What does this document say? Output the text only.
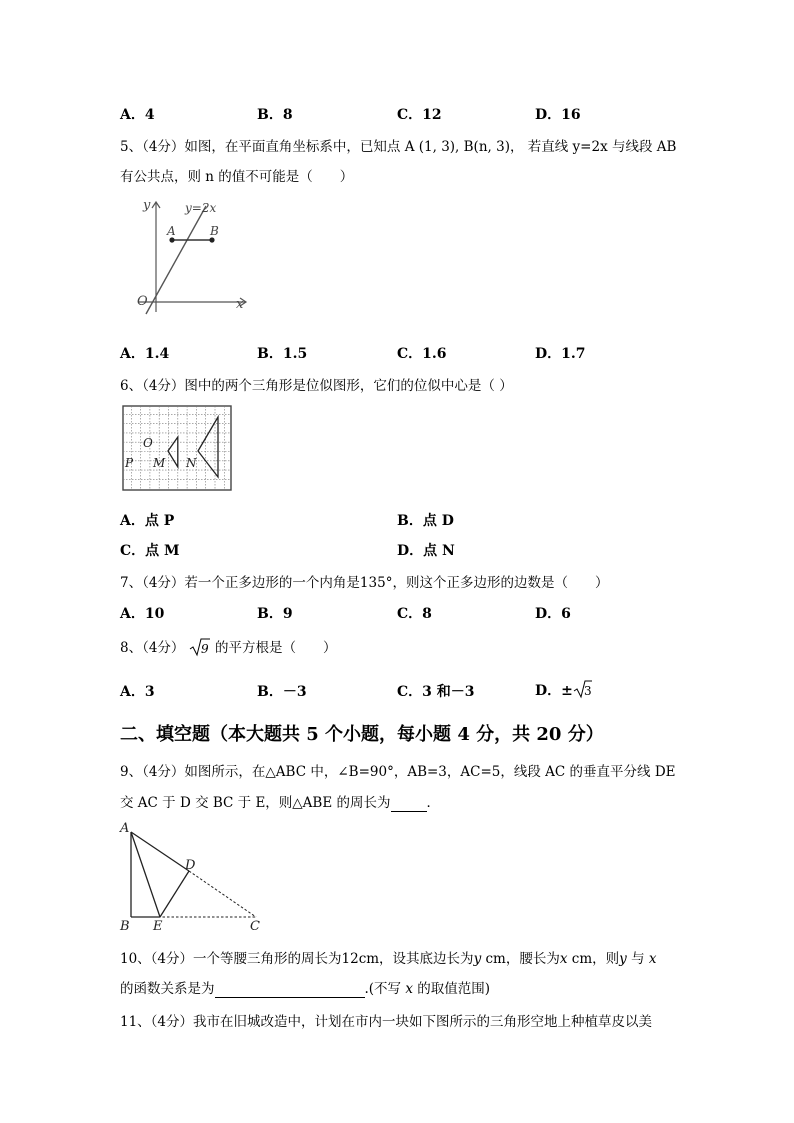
A．4	B．8	C．12	D．16
5、（4分）如图，在平面直角坐标系中，已知点 A (1, 3), B(n, 3)， 若直线 y=2x 与线段 AB
有公共点，则 n 的值不可能是（　　）
y	y=2x
A	B
O	x
A．1.4	B．1.5	C．1.6	D．1.7
6、（4分）图中的两个三角形是位似图形，它们的位似中心是（ ）
O
P M N
A．点 P	B．点 D
C．点 M	D．点 N
7、（4分）若一个正多边形的一个内角是135°，则这个正多边形的边数是（　　）
A．10	B．9	C．8	D．6
8、（4分） 9 的平方根是（　　）
A．3	B．－3	C．3 和－3	D．± 3
二、填空题（本大题共 5 个小题，每小题 4 分，共 20 分）
9、（4分）如图所示，在△ABC 中，∠B=90°，AB=3，AC=5，线段 AC 的垂直平分线 DE
交 AC 于 D 交 BC 于 E，则△ABE 的周长为	．
A
B E
D
C
10、（4分）一个等腰三角形的周长为12cm，设其底边长为y cm，腰长为x cm，则y 与 x
的函数关系是为	.(不写 x 的取值范围)
11、（4分）我市在旧城改造中，计划在市内一块如下图所示的三角形空地上种植草皮以美
